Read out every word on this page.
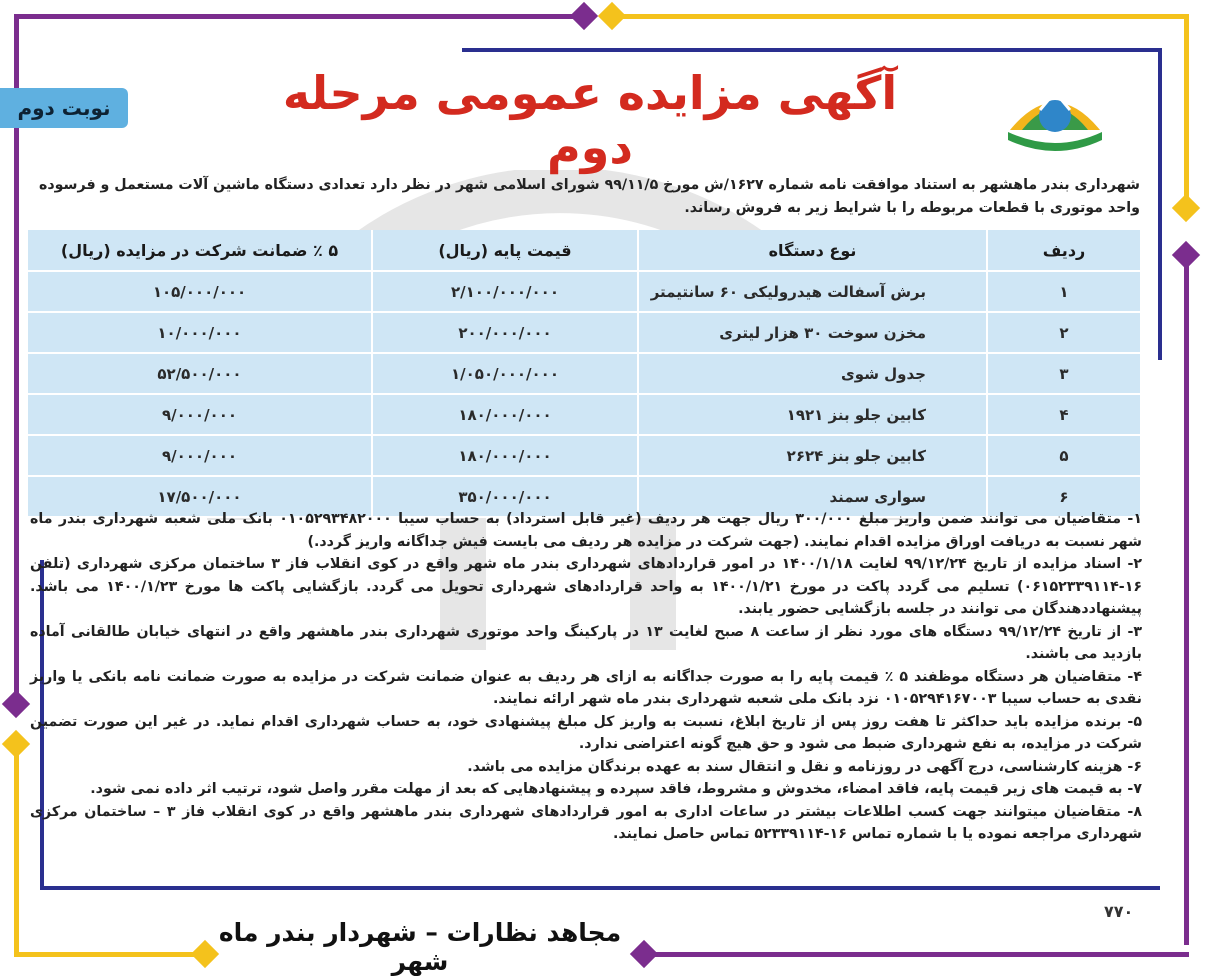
نوبت دوم	آگهی مزایده عمومی مرحله دوم
شهرداری بندر ماهشهر به استناد موافقت نامه شماره ۱۶۲۷/ش مورخ ۹۹/۱۱/۵ شورای اسلامی شهر در نظر دارد تعدادی دستگاه ماشین آلات مستعمل و فرسوده واحد موتوری با قطعات مربوطه را با شرایط زیر به فروش رساند.
ردیف	نوع دستگاه	قیمت پایه (ریال)	۵ ٪ ضمانت شرکت در مزایده (ریال)
۱	برش آسفالت هیدرولیکی ۶۰ سانتیمتر	۲/۱۰۰/۰۰۰/۰۰۰	۱۰۵/۰۰۰/۰۰۰
۲	مخزن سوخت ۳۰ هزار لیتری	۲۰۰/۰۰۰/۰۰۰	۱۰/۰۰۰/۰۰۰
۳	جدول شوی	۱/۰۵۰/۰۰۰/۰۰۰	۵۲/۵۰۰/۰۰۰
۴	کابین جلو بنز ۱۹۲۱	۱۸۰/۰۰۰/۰۰۰	۹/۰۰۰/۰۰۰
۵	کابین جلو بنز ۲۶۲۴	۱۸۰/۰۰۰/۰۰۰	۹/۰۰۰/۰۰۰
۶	سواری سمند	۳۵۰/۰۰۰/۰۰۰	۱۷/۵۰۰/۰۰۰

۱- متقاضیان می توانند ضمن واریز مبلغ ۳۰۰/۰۰۰ ریال جهت هر ردیف (غیر قابل استرداد) به حساب سیبا ۰۱۰۵۲۹۳۴۸۲۰۰۰ بانک ملی شعبه شهرداری بندر ماه شهر نسبت به دریافت اوراق مزایده اقدام نمایند. (جهت شرکت در مزایده هر ردیف می بایست فیش جداگانه واریز گردد.)

۲- اسناد مزایده از تاریخ ۹۹/۱۲/۲۴ لغایت ۱۴۰۰/۱/۱۸ در امور قراردادهای شهرداری بندر ماه شهر واقع در کوی انقلاب فاز ۳ ساختمان مرکزی شهرداری (تلفن ۱۶-۰۶۱۵۲۳۳۹۱۱۴) تسلیم می گردد پاکت در مورخ ۱۴۰۰/۱/۲۱ به واحد قراردادهای شهرداری تحویل می گردد. بازگشایی پاکت ها مورخ ۱۴۰۰/۱/۲۳ می باشد. پیشنهاددهندگان می توانند در جلسه بازگشایی حضور یابند.

۳- از تاریخ ۹۹/۱۲/۲۴ دستگاه های مورد نظر از ساعت ۸ صبح لغایت ۱۳ در پارکینگ واحد موتوری شهرداری بندر ماهشهر واقع در انتهای خیابان طالقانی آماده بازدید می باشند.

۴- متقاضیان هر دستگاه موظفند ۵ ٪ قیمت پایه را به صورت جداگانه به ازای هر ردیف به عنوان ضمانت شرکت در مزایده به صورت ضمانت نامه بانکی یا واریز نقدی به حساب سیبا ۰۱۰۵۲۹۴۱۶۷۰۰۳ نزد بانک ملی شعبه شهرداری بندر ماه شهر ارائه نمایند.

۵- برنده مزایده باید حداکثر تا هفت روز پس از تاریخ ابلاغ، نسبت به واریز کل مبلغ پیشنهادی خود، به حساب شهرداری اقدام نماید. در غیر این صورت تضمین شرکت در مزایده، به نفع شهرداری ضبط می شود و حق هیچ گونه اعتراضی ندارد.

۶- هزینه کارشناسی، درج آگهی در روزنامه و نقل و انتقال سند به عهده برندگان مزایده می باشد.

۷- به قیمت های زیر قیمت پایه، فاقد امضاء، مخدوش و مشروط، فاقد سپرده و پیشنهادهایی که بعد از مهلت مقرر واصل شود، ترتیب اثر داده نمی شود.

۸- متقاضیان میتوانند جهت کسب اطلاعات بیشتر در ساعات اداری به امور قراردادهای شهرداری بندر ماهشهر واقع در کوی انقلاب فاز ۳ – ساختمان مرکزی شهرداری مراجعه نموده یا با شماره تماس ۱۶-۵۲۳۳۹۱۱۴ تماس حاصل نمایند.

۷۷۰
مجاهد نظارات – شهردار بندر ماه شهر
